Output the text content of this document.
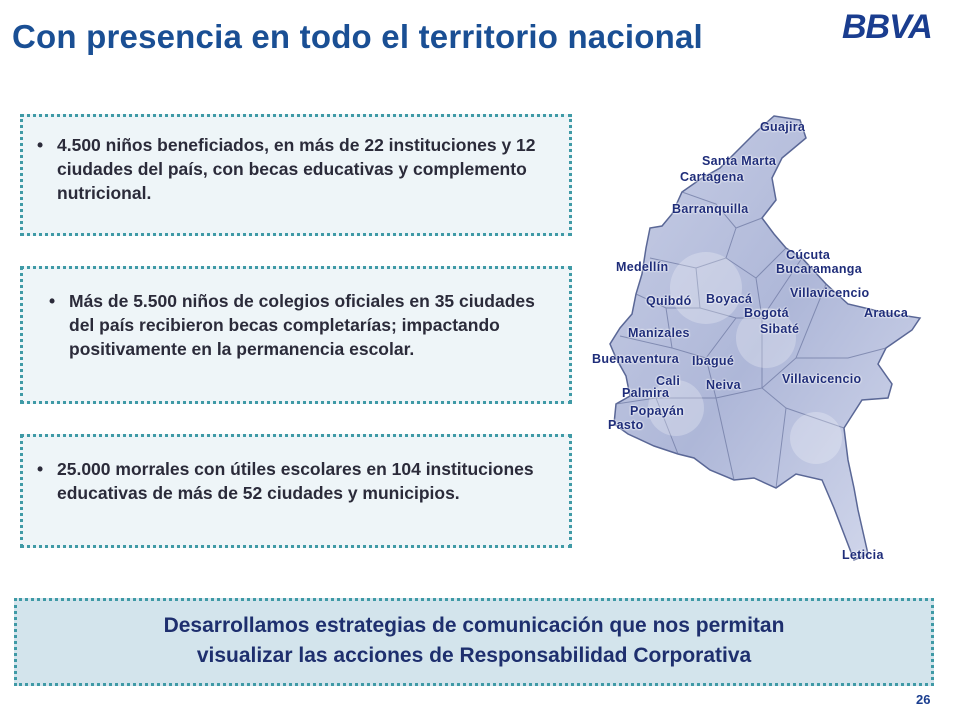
Con presencia en todo el territorio nacional	BBVA
• 4.500 niños beneficiados, en más de 22 instituciones y 12 ciudades del país, con becas educativas y complemento nutricional.
• Más de 5.500 niños de colegios oficiales en 35 ciudades del país recibieron becas completarías; impactando positivamente en la permanencia escolar.
• 25.000 morrales con útiles escolares en 104 instituciones educativas de más de 52 ciudades y municipios.
Guajira
Santa Marta
Cartagena
Barranquilla
Cúcuta
Medellín	Bucaramanga
Villavicencio
Quibdó Boyacá
Bogotá	Arauca
Sibaté
Manizales
Buenaventura Ibagué
Cali Neiva	Villavicencio
Palmira
Popayán
Pasto
Leticia
Desarrollamos estrategias de comunicación que nos permitan
visualizar las acciones de Responsabilidad Corporativa
26
